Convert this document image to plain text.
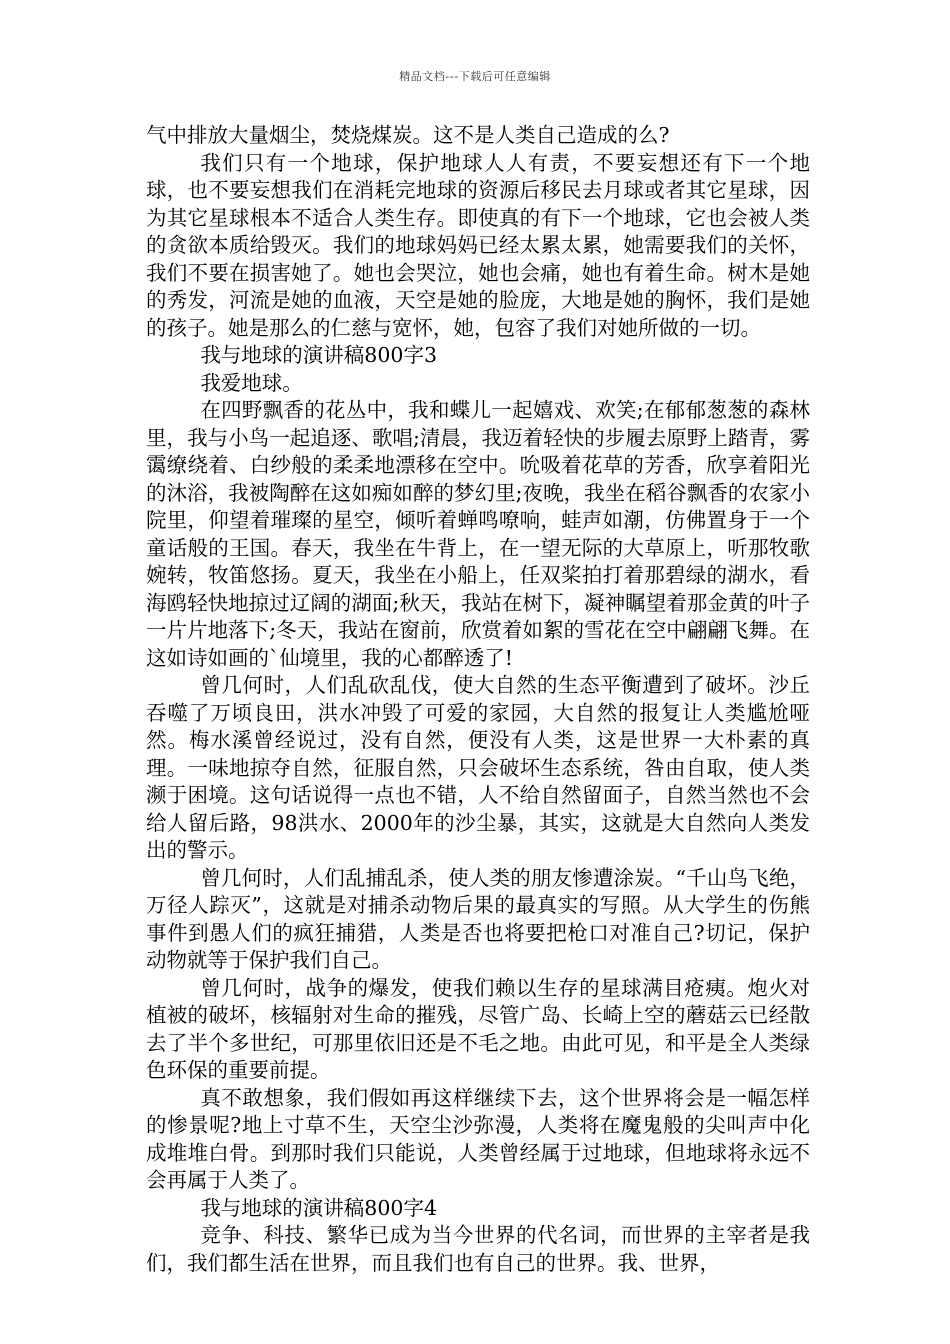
精品文档---下载后可任意编辑

气中排放大量烟尘，焚烧煤炭。这不是人类自己造成的么?

我们只有一个地球，保护地球人人有责，不要妄想还有下一个地球，也不要妄想我们在消耗完地球的资源后移民去月球或者其它星球，因为其它星球根本不适合人类生存。即使真的有下一个地球，它也会被人类的贪欲本质给毁灭。我们的地球妈妈已经太累太累，她需要我们的关怀，我们不要在损害她了。她也会哭泣，她也会痛，她也有着生命。树木是她的秀发，河流是她的血液，天空是她的脸庞，大地是她的胸怀，我们是她的孩子。她是那么的仁慈与宽怀，她，包容了我们对她所做的一切。

我与地球的演讲稿800字3

我爱地球。

在四野飘香的花丛中，我和蝶儿一起嬉戏、欢笑;在郁郁葱葱的森林里，我与小鸟一起追逐、歌唱;清晨，我迈着轻快的步履去原野上踏青，雾霭缭绕着、白纱般的柔柔地漂移在空中。吮吸着花草的芳香，欣享着阳光的沐浴，我被陶醉在这如痴如醉的梦幻里;夜晚，我坐在稻谷飘香的农家小院里，仰望着璀璨的星空，倾听着蝉鸣嘹响，蛙声如潮，仿佛置身于一个童话般的王国。春天，我坐在牛背上，在一望无际的大草原上，听那牧歌婉转，牧笛悠扬。夏天，我坐在小船上，任双桨拍打着那碧绿的湖水，看海鸥轻快地掠过辽阔的湖面;秋天，我站在树下，凝神瞩望着那金黄的叶子一片片地落下;冬天，我站在窗前，欣赏着如絮的雪花在空中翩翩飞舞。在这如诗如画的`仙境里，我的心都醉透了!

曾几何时，人们乱砍乱伐，使大自然的生态平衡遭到了破坏。沙丘吞噬了万顷良田，洪水冲毁了可爱的家园，大自然的报复让人类尴尬哑然。梅水溪曾经说过，没有自然，便没有人类，这是世界一大朴素的真理。一味地掠夺自然，征服自然，只会破坏生态系统，咎由自取，使人类濒于困境。这句话说得一点也不错，人不给自然留面子，自然当然也不会给人留后路，98洪水、2000年的沙尘暴，其实，这就是大自然向人类发出的警示。

曾几何时，人们乱捕乱杀，使人类的朋友惨遭涂炭。“千山鸟飞绝，万径人踪灭”，这就是对捕杀动物后果的最真实的写照。从大学生的伤熊事件到愚人们的疯狂捕猎，人类是否也将要把枪口对准自己?切记，保护动物就等于保护我们自己。

曾几何时，战争的爆发，使我们赖以生存的星球满目疮痍。炮火对植被的破坏，核辐射对生命的摧残，尽管广岛、长崎上空的蘑菇云已经散去了半个多世纪，可那里依旧还是不毛之地。由此可见，和平是全人类绿色环保的重要前提。

真不敢想象，我们假如再这样继续下去，这个世界将会是一幅怎样的惨景呢?地上寸草不生，天空尘沙弥漫，人类将在魔鬼般的尖叫声中化成堆堆白骨。到那时我们只能说，人类曾经属于过地球，但地球将永远不会再属于人类了。

我与地球的演讲稿800字4

竞争、科技、繁华已成为当今世界的代名词，而世界的主宰者是我们，我们都生活在世界，而且我们也有自己的世界。我、世界，
